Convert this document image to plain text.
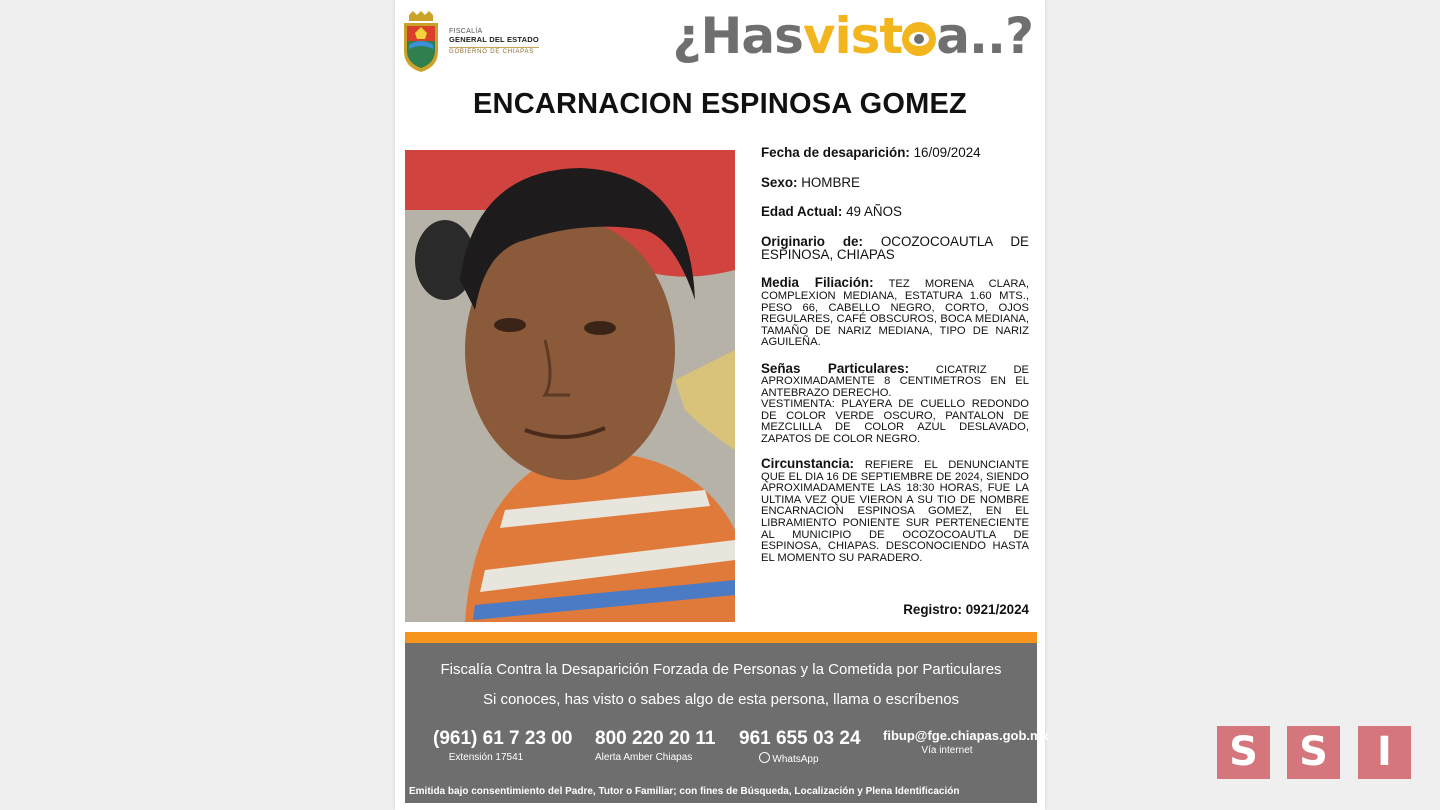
FISCALÍA
GENERAL DEL ESTADO
GOBIERNO DE CHIAPAS	¿Hasvist a..?
ENCARNACION ESPINOSA GOMEZ

Fecha de desaparición: 16/09/2024

Sexo: HOMBRE

Edad Actual: 49 AÑOS

Originario de: OCOZOCOAUTLA DE ESPINOSA, CHIAPAS

Media Filiación: TEZ MORENA CLARA, COMPLEXION MEDIANA, ESTATURA 1.60 MTS., PESO 66, CABELLO NEGRO, CORTO, OJOS REGULARES, CAFÉ OBSCUROS, BOCA MEDIANA, TAMAÑO DE NARIZ MEDIANA, TIPO DE NARIZ AGUILEÑA.

Señas Particulares: CICATRIZ DE APROXIMADAMENTE 8 CENTIMETROS EN EL ANTEBRAZO DERECHO.
VESTIMENTA: PLAYERA DE CUELLO REDONDO DE COLOR VERDE OSCURO, PANTALON DE MEZCLILLA DE COLOR AZUL DESLAVADO, ZAPATOS DE COLOR NEGRO.

Circunstancia: REFIERE EL DENUNCIANTE QUE EL DIA 16 DE SEPTIEMBRE DE 2024, SIENDO APROXIMADAMENTE LAS 18:30 HORAS, FUE LA ULTIMA VEZ QUE VIERON A SU TIO DE NOMBRE ENCARNACION ESPINOSA GOMEZ, EN EL LIBRAMIENTO PONIENTE SUR PERTENECIENTE AL MUNICIPIO DE OCOZOCOAUTLA DE ESPINOSA, CHIAPAS. DESCONOCIENDO HASTA EL MOMENTO SU PARADERO.

Registro: 0921/2024
Fiscalía Contra la Desaparición Forzada de Personas y la Cometida por Particulares
Si conoces, has visto o sabes algo de esta persona, llama o escríbenos
(961) 61 7 23 00
Extensión 17541
800 220 20 11
Alerta Amber Chiapas
961 655 03 24
WhatsApp
fibup@fge.chiapas.gob.mx
Vía internet
Emitida bajo consentimiento del Padre, Tutor o Familiar; con fines de Búsqueda, Localización y Plena Identificación
S	S	I
